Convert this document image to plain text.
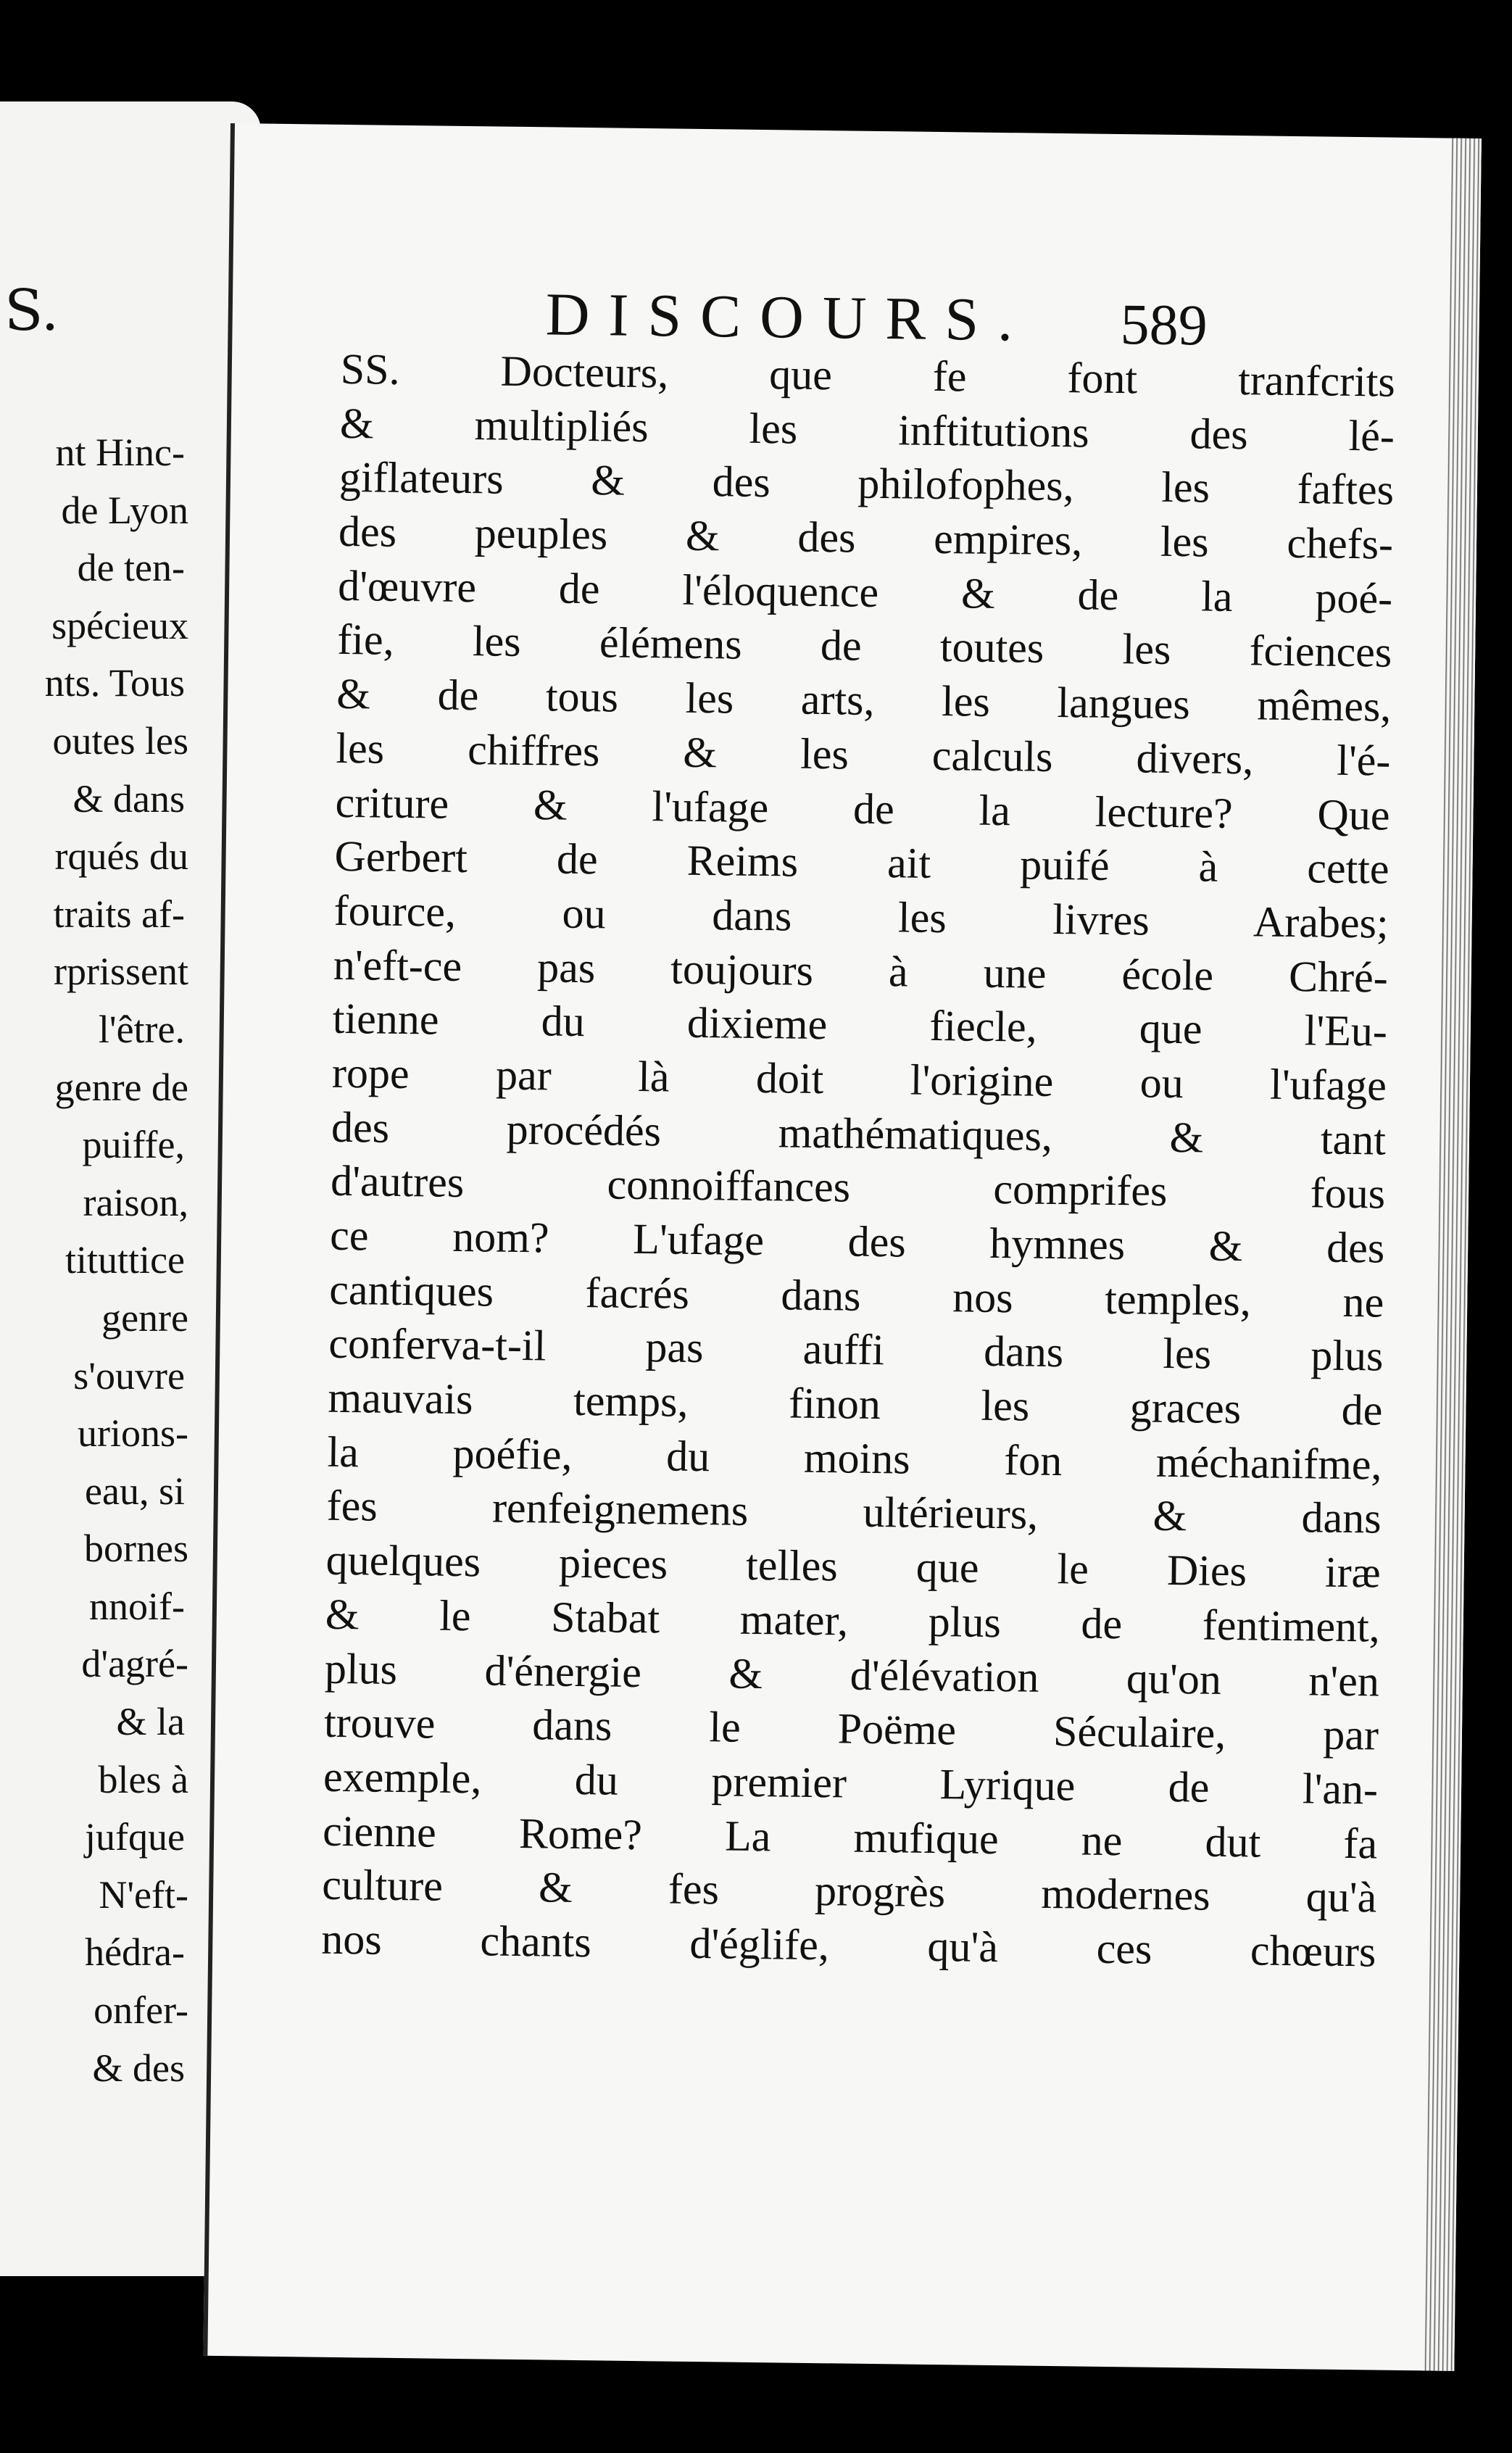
S.
nt Hinc-
de Lyon
de ten-
spécieux
nts. Tous
outes les
& dans
rqués du
traits af-
rprissent
l'être.
genre de
puiffe,
raison,
tituttice
genre
s'ouvre
urions-
eau, si
bornes
nnoif-
d'agré-
& la
bles à
jufque
N'eft-
hédra-
onfer-
& des
DISCOURS. 589
SS. Docteurs, que fe font tranfcrits
& multipliés les inftitutions des lé-
giflateurs & des philofophes, les faftes
des peuples & des empires, les chefs-
d'œuvre de l'éloquence & de la poé-
fie, les élémens de toutes les fciences
& de tous les arts, les langues mêmes,
les chiffres & les calculs divers, l'é-
criture & l'ufage de la lecture? Que
Gerbert de Reims ait puifé à cette
fource, ou dans les livres Arabes;
n'eft-ce pas toujours à une école Chré-
tienne du dixieme fiecle, que l'Eu-
rope par là doit l'origine ou l'ufage
des procédés mathématiques, & tant
d'autres connoiffances comprifes fous
ce nom? L'ufage des hymnes & des
cantiques facrés dans nos temples, ne
conferva-t-il pas auffi dans les plus
mauvais temps, finon les graces de
la poéfie, du moins fon méchanifme,
fes renfeignemens ultérieurs, & dans
quelques pieces telles que le Dies iræ
& le Stabat mater, plus de fentiment,
plus d'énergie & d'élévation qu'on n'en
trouve dans le Poëme Séculaire, par
exemple, du premier Lyrique de l'an-
cienne Rome? La mufique ne dut fa
culture & fes progrès modernes qu'à
nos chants d'églife, qu'à ces chœurs
